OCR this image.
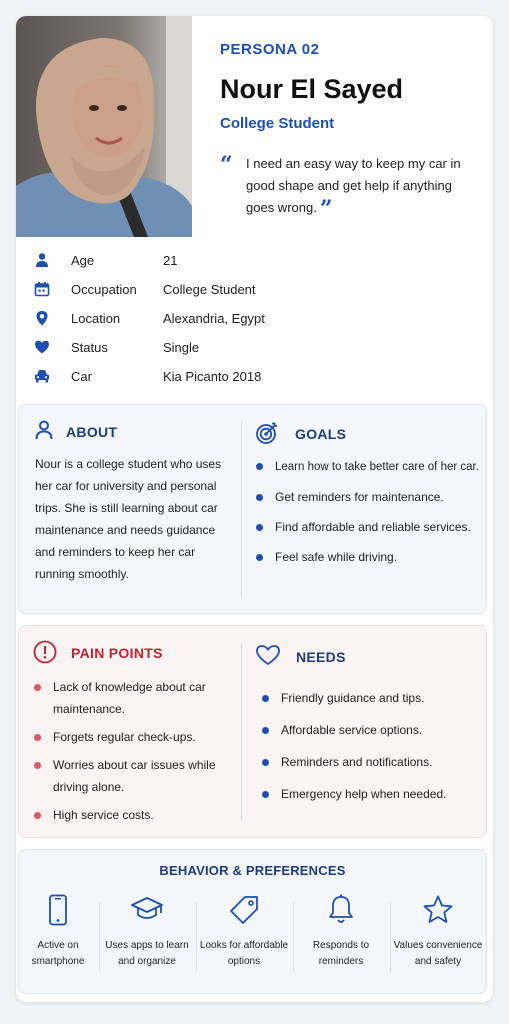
PERSONA 02
Nour El Sayed
College Student
“ I need an easy way to keep my car in good shape and get help if anything goes wrong. ”
Age	21
Occupation College Student
Location	Alexandria, Egypt
Status	Single
Car	Kia Picanto 2018
ABOUT
Nour is a college student who uses her car for university and personal trips. She is still learning about car maintenance and needs guidance and reminders to keep her car running smoothly.
GOALS
Learn how to take better care of her car.
Get reminders for maintenance.
Find affordable and reliable services.
Feel safe while driving.
PAIN POINTS
Lack of knowledge about car maintenance.
Forgets regular check-ups.
Worries about car issues while driving alone.
High service costs.
NEEDS
Friendly guidance and tips.
Affordable service options.
Reminders and notifications.
Emergency help when needed.
BEHAVIOR & PREFERENCES
Active on smartphone
Uses apps to learn and organize
Looks for affordable options
Responds to reminders
Values convenience and safety
